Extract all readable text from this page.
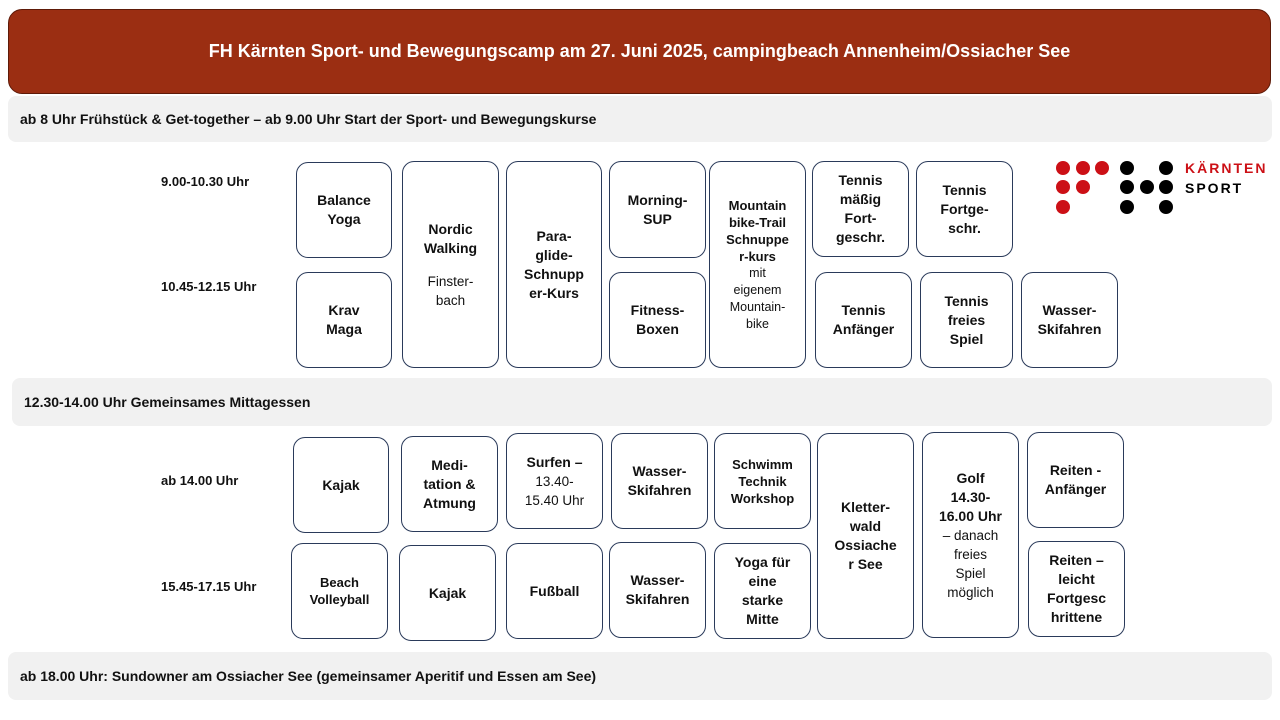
FH Kärnten Sport- und Bewegungscamp am 27. Juni 2025, campingbeach Annenheim/Ossiacher See
ab 8 Uhr Frühstück & Get-together – ab 9.00 Uhr Start der Sport- und Bewegungskurse
9.00-10.30 Uhr
10.45-12.15 Uhr
Balance
Yoga
Nordic
Walking
Finster-
bach
Para-
glide-
Schnupp
er-Kurs
Morning-
SUP
Mountain
bike-Trail
Schnuppe
r-kurs
mit
eigenem
Mountain-
bike
Tennis
mäßig
Fort-
geschr.
Tennis
Fortge-
schr.
Krav
Maga
Fitness-
Boxen
Tennis
Anfänger
Tennis
freies
Spiel
Wasser-
Skifahren
KÄRNTEN
SPORT
12.30-14.00 Uhr Gemeinsames Mittagessen
ab 14.00 Uhr
15.45-17.15 Uhr
Kajak
Medi-
tation &
Atmung
Surfen –
13.40-
15.40 Uhr
Wasser-
Skifahren
Schwimm
Technik
Workshop
Kletter-
wald
Ossiache
r See
Golf
14.30-
16.00 Uhr
– danach
freies
Spiel
möglich
Reiten -
Anfänger
Beach
Volleyball	Kajak	Fußball
Wasser-
Skifahren
Yoga für
eine
starke
Mitte
Reiten –
leicht
Fortgesc
hrittene
ab 18.00 Uhr: Sundowner am Ossiacher See (gemeinsamer Aperitif und Essen am See)
